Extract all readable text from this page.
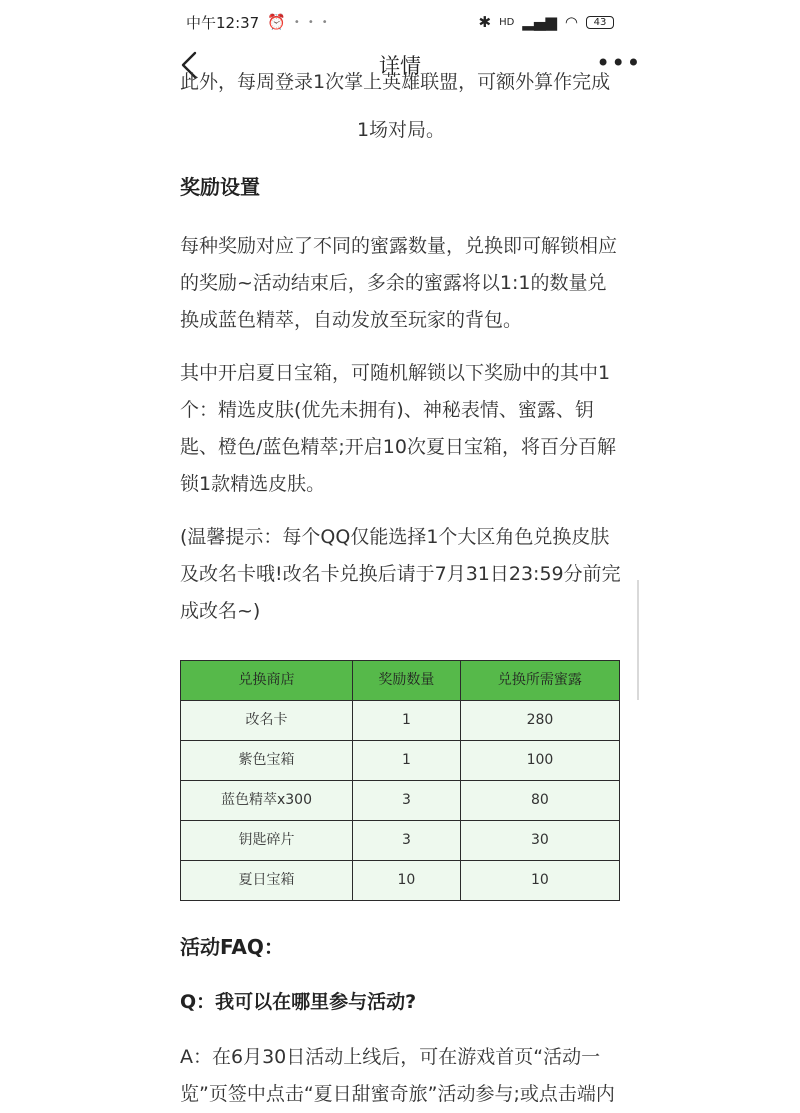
中午12:37 ⏰ • • •	✱ HD ▂▄▆ ◠	43
详情	•••
此外，每周登录1次掌上英雄联盟，可额外算作完成

1场对局。

奖励设置

每种奖励对应了不同的蜜露数量，兑换即可解锁相应的奖励~活动结束后，多余的蜜露将以1:1的数量兑换成蓝色精萃，自动发放至玩家的背包。

其中开启夏日宝箱，可随机解锁以下奖励中的其中1个：精选皮肤(优先未拥有)、神秘表情、蜜露、钥匙、橙色/蓝色精萃;开启10次夏日宝箱，将百分百解锁1款精选皮肤。

(温馨提示：每个QQ仅能选择1个大区角色兑换皮肤及改名卡哦!改名卡兑换后请于7月31日23:59分前完成改名~)

兑换商店	奖励数量	兑换所需蜜露
改名卡	1	280
紫色宝箱	1	100
蓝色精萃x300	3	80
钥匙碎片	3	30
夏日宝箱	10	10
活动FAQ：

Q：我可以在哪里参与活动?

A：在6月30日活动上线后，可在游戏首页“活动一

览”页签中点击“夏日甜蜜奇旅”活动参与;或点击端内
